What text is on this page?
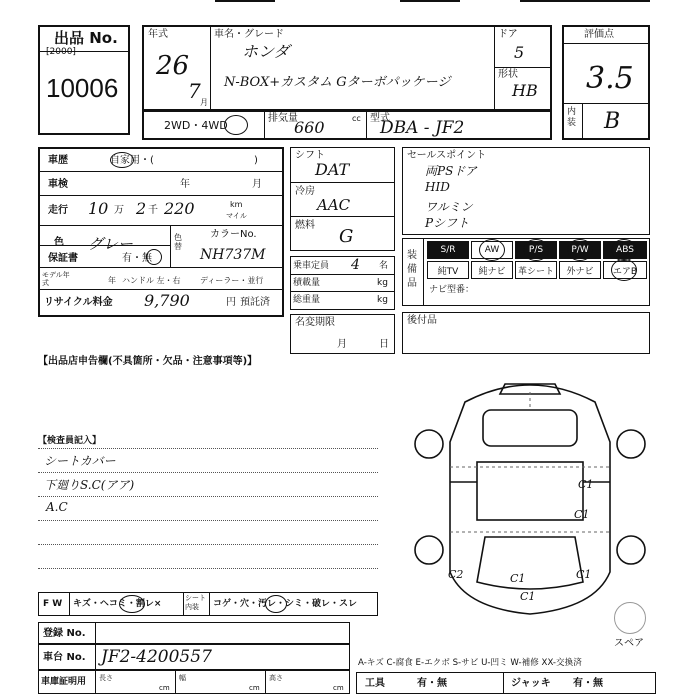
出品 No.
[2000]
10006
年式
26
7 月
車名・グレード
ホンダ
N-BOX+カスタム Gターボパッケージ
ドア
5
形状
HB
評価点
3.5
内装 B
2WD・4WD
排気量
660	cc 型式
DBA - JF2
車歴	自家用・(	)
車検	年	月
走行 10 万 2 千 220	km
マイル
色 グレー	色替
カラーNo.
NH737M
保証書	有・無
モデル年式	年 ハンドル 左・右 ディーラー・並行
リサイクル料金 9,790	円 預託済
シフト
DAT
冷房
AAC
燃料
G
乗車定員 4 名
積載量	kg
総重量	kg
名変期限
月	日
セールスポイント
両PSドア
HID
ワルミン
Pシフト
装備品
S/R	AW	P/S	P/W	ABS
純TV	純ナビ	革シート	外ナビ	エアB
ナビ型番：
後付品
【出品店申告欄(不具箇所・欠品・注意事項等)】
【検査員記入】
シートカバー
下廻りS.C(アア)
A.C
F W キズ・ヘコミ・割レ×
シート内装	コゲ・穴・汚レ・シミ・破レ・スレ
C1
C1
C1
C2	C1
C1
スペア
登録 No.
車台 No. JF2-4200557
車庫証明用 長さ
cm
幅
cm
高さ
cm
A-キズ C-腐食 E-エクボ S-サビ U-凹ミ W-補修 XX-交換済
工具	有・無	ジャッキ 有・無
